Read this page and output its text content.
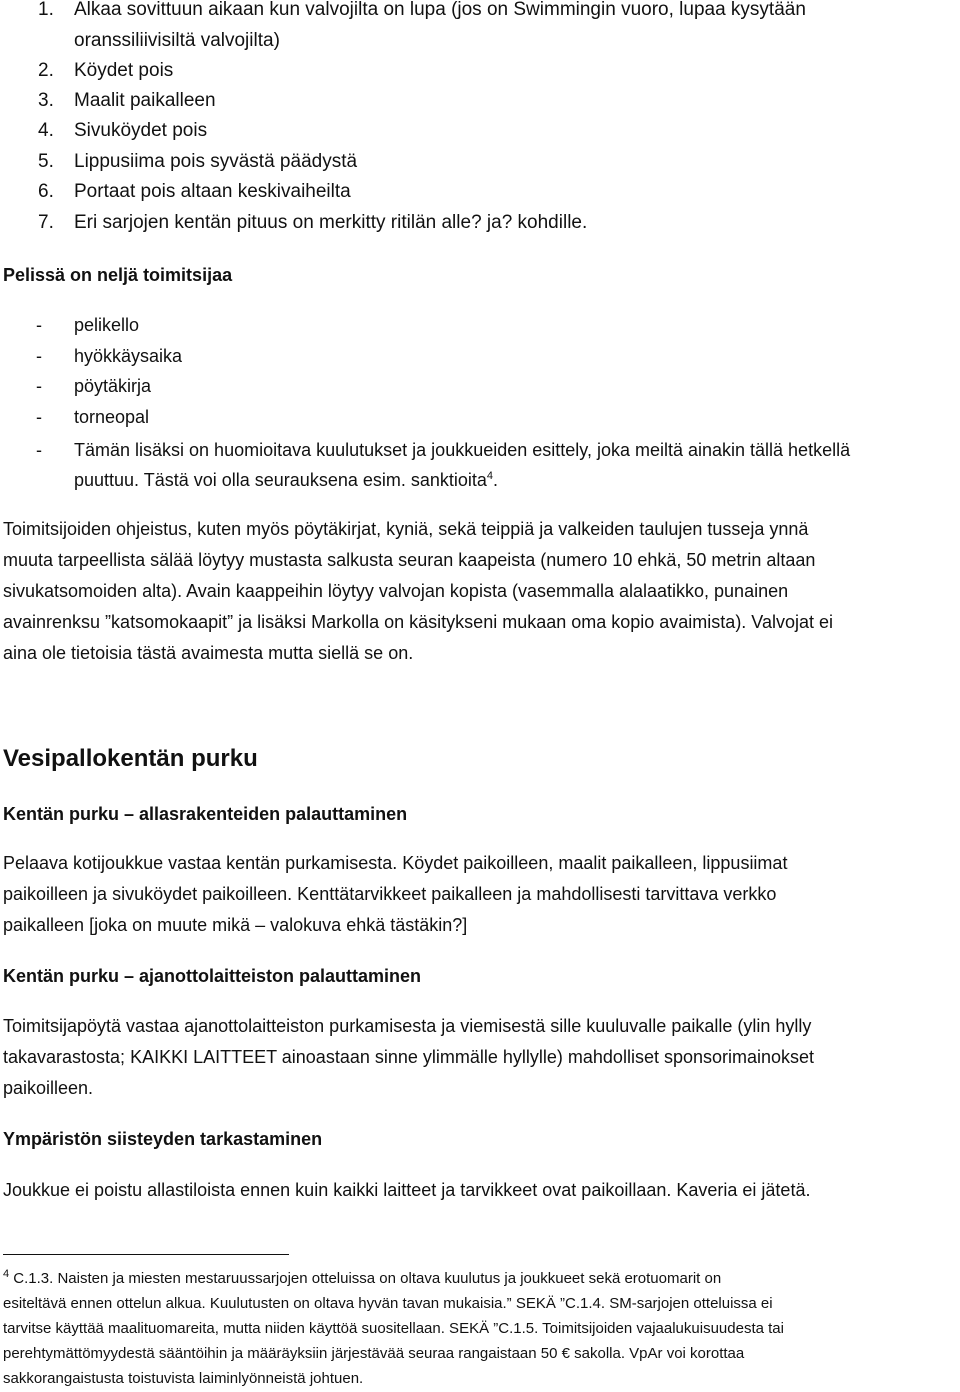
1. Alkaa sovittuun aikaan kun valvojilta on lupa (jos on Swimmingin vuoro, lupaa kysytään
oranssiliivisiltä valvojilta)
2. Köydet pois
3. Maalit paikalleen
4. Sivuköydet pois
5. Lippusiima pois syvästä päädystä
6. Portaat pois altaan keskivaiheilta
7. Eri sarjojen kentän pituus on merkitty ritilän alle? ja? kohdille.
Pelissä on neljä toimitsijaa
- pelikello
- hyökkäysaika
- pöytäkirja
- torneopal
- Tämän lisäksi on huomioitava kuulutukset ja joukkueiden esittely, joka meiltä ainakin tällä hetkellä
puuttuu. Tästä voi olla seurauksena esim. sanktioita$^4$.
Toimitsijoiden ohjeistus, kuten myös pöytäkirjat, kyniä, sekä teippiä ja valkeiden taulujen tusseja ynnä
muuta tarpeellista sälää löytyy mustasta salkusta seuran kaapeista (numero 10 ehkä, 50 metrin altaan
sivukatsomoiden alta). Avain kaappeihin löytyy valvojan kopista (vasemmalla alalaatikko, punainen
avainrenksu ”katsomokaapit” ja lisäksi Markolla on käsitykseni mukaan oma kopio avaimista). Valvojat ei
aina ole tietoisia tästä avaimesta mutta siellä se on.
Vesipallokentän purku
Kentän purku – allasrakenteiden palauttaminen
Pelaava kotijoukkue vastaa kentän purkamisesta. Köydet paikoilleen, maalit paikalleen, lippusiimat
paikoilleen ja sivuköydet paikoilleen. Kenttätarvikkeet paikalleen ja mahdollisesti tarvittava verkko
paikalleen [joka on muute mikä – valokuva ehkä tästäkin?]
Kentän purku – ajanottolaitteiston palauttaminen
Toimitsijapöytä vastaa ajanottolaitteiston purkamisesta ja viemisestä sille kuuluvalle paikalle (ylin hylly
takavarastosta; KAIKKI LAITTEET ainoastaan sinne ylimmälle hyllylle) mahdolliset sponsorimainokset
paikoilleen.
Ympäristön siisteyden tarkastaminen
Joukkue ei poistu allastiloista ennen kuin kaikki laitteet ja tarvikkeet ovat paikoillaan. Kaveria ei jätetä.
$^4$ C.1.3. Naisten ja miesten mestaruussarjojen otteluissa on oltava kuulutus ja joukkueet sekä erotuomarit on
esiteltävä ennen ottelun alkua. Kuulutusten on oltava hyvän tavan mukaisia.” SEKÄ ”C.1.4. SM-sarjojen otteluissa ei
tarvitse käyttää maalituomareita, mutta niiden käyttöä suositellaan. SEKÄ ”C.1.5. Toimitsijoiden vajaalukuisuudesta tai
perehtymättömyydestä sääntöihin ja määräyksiin järjestävää seuraa rangaistaan 50 € sakolla. VpAr voi korottaa
sakkorangaistusta toistuvista laiminlyönneistä johtuen.
